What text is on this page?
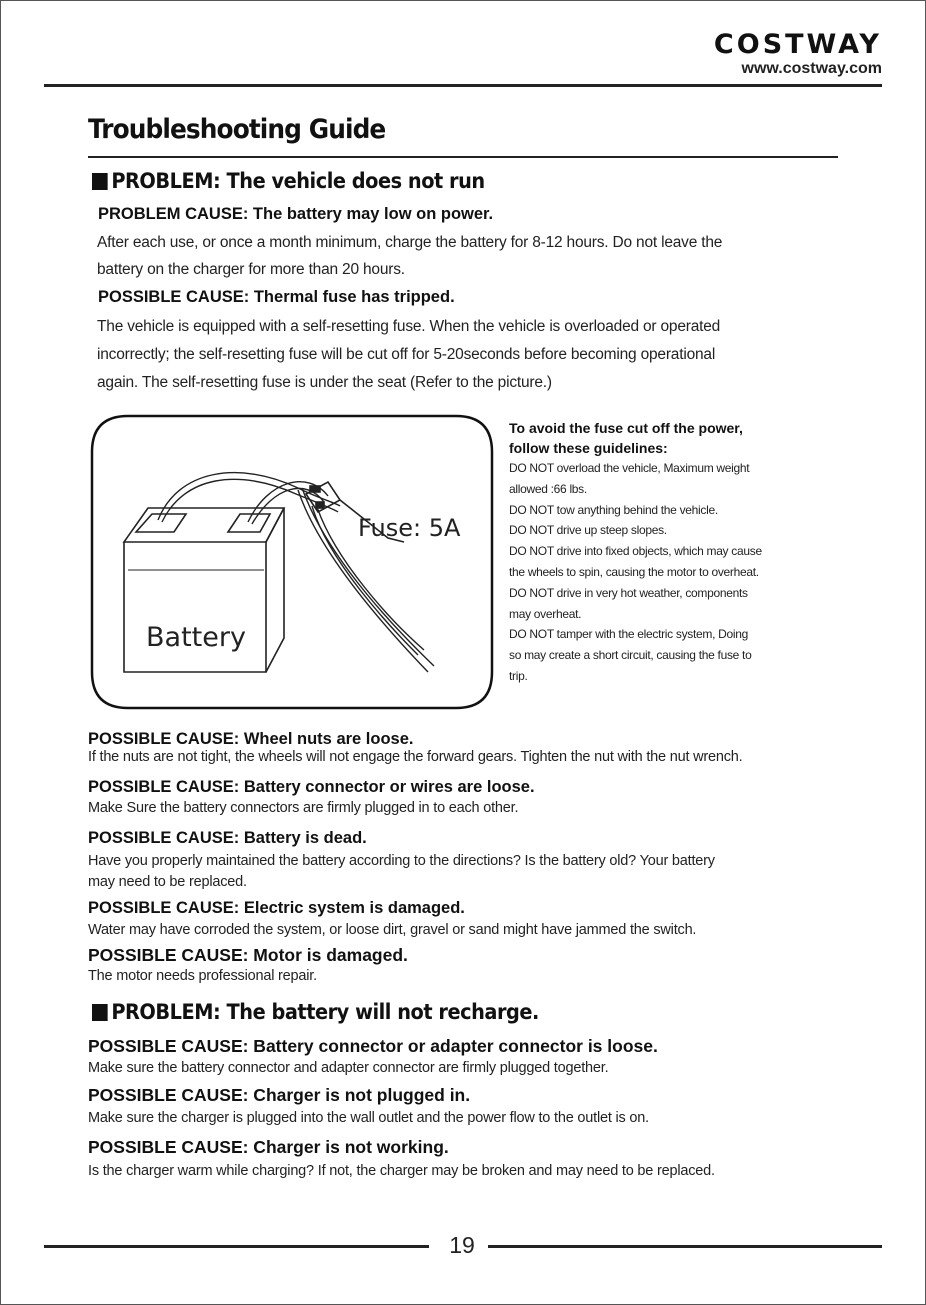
COSTWAY
www.costway.com
Troubleshooting Guide
PROBLEM: The vehicle does not run
PROBLEM CAUSE: The battery may low on power.
After each use, or once a month minimum, charge the battery for 8-12 hours. Do not leave the
battery on the charger for more than 20 hours.
POSSIBLE CAUSE: Thermal fuse has tripped.
The vehicle is equipped with a self-resetting fuse. When the vehicle is overloaded or operated
incorrectly; the self-resetting fuse will be cut off for 5-20seconds before becoming operational
again. The self-resetting fuse is under the seat (Refer to the picture.)
Fuse: 5A
Battery
To avoid the fuse cut off the power,
follow these guidelines:
DO NOT overload the vehicle, Maximum weight
allowed :66 lbs.
DO NOT tow anything behind the vehicle.
DO NOT drive up steep slopes.
DO NOT drive into fixed objects, which may cause
the wheels to spin, causing the motor to overheat.
DO NOT drive in very hot weather, components
may overheat.
DO NOT tamper with the electric system, Doing
so may create a short circuit, causing the fuse to
trip.
POSSIBLE CAUSE: Wheel nuts are loose.
If the nuts are not tight, the wheels will not engage the forward gears. Tighten the nut with the nut wrench.
POSSIBLE CAUSE: Battery connector or wires are loose.
Make Sure the battery connectors are firmly plugged in to each other.
POSSIBLE CAUSE: Battery is dead.
Have you properly maintained the battery according to the directions? Is the battery old? Your battery
may need to be replaced.
POSSIBLE CAUSE: Electric system is damaged.
Water may have corroded the system, or loose dirt, gravel or sand might have jammed the switch.
POSSIBLE CAUSE: Motor is damaged.
The motor needs professional repair.
PROBLEM: The battery will not recharge.
POSSIBLE CAUSE: Battery connector or adapter connector is loose.
Make sure the battery connector and adapter connector are firmly plugged together.
POSSIBLE CAUSE: Charger is not plugged in.
Make sure the charger is plugged into the wall outlet and the power flow to the outlet is on.
POSSIBLE CAUSE: Charger is not working.
Is the charger warm while charging? If not, the charger may be broken and may need to be replaced.
19
